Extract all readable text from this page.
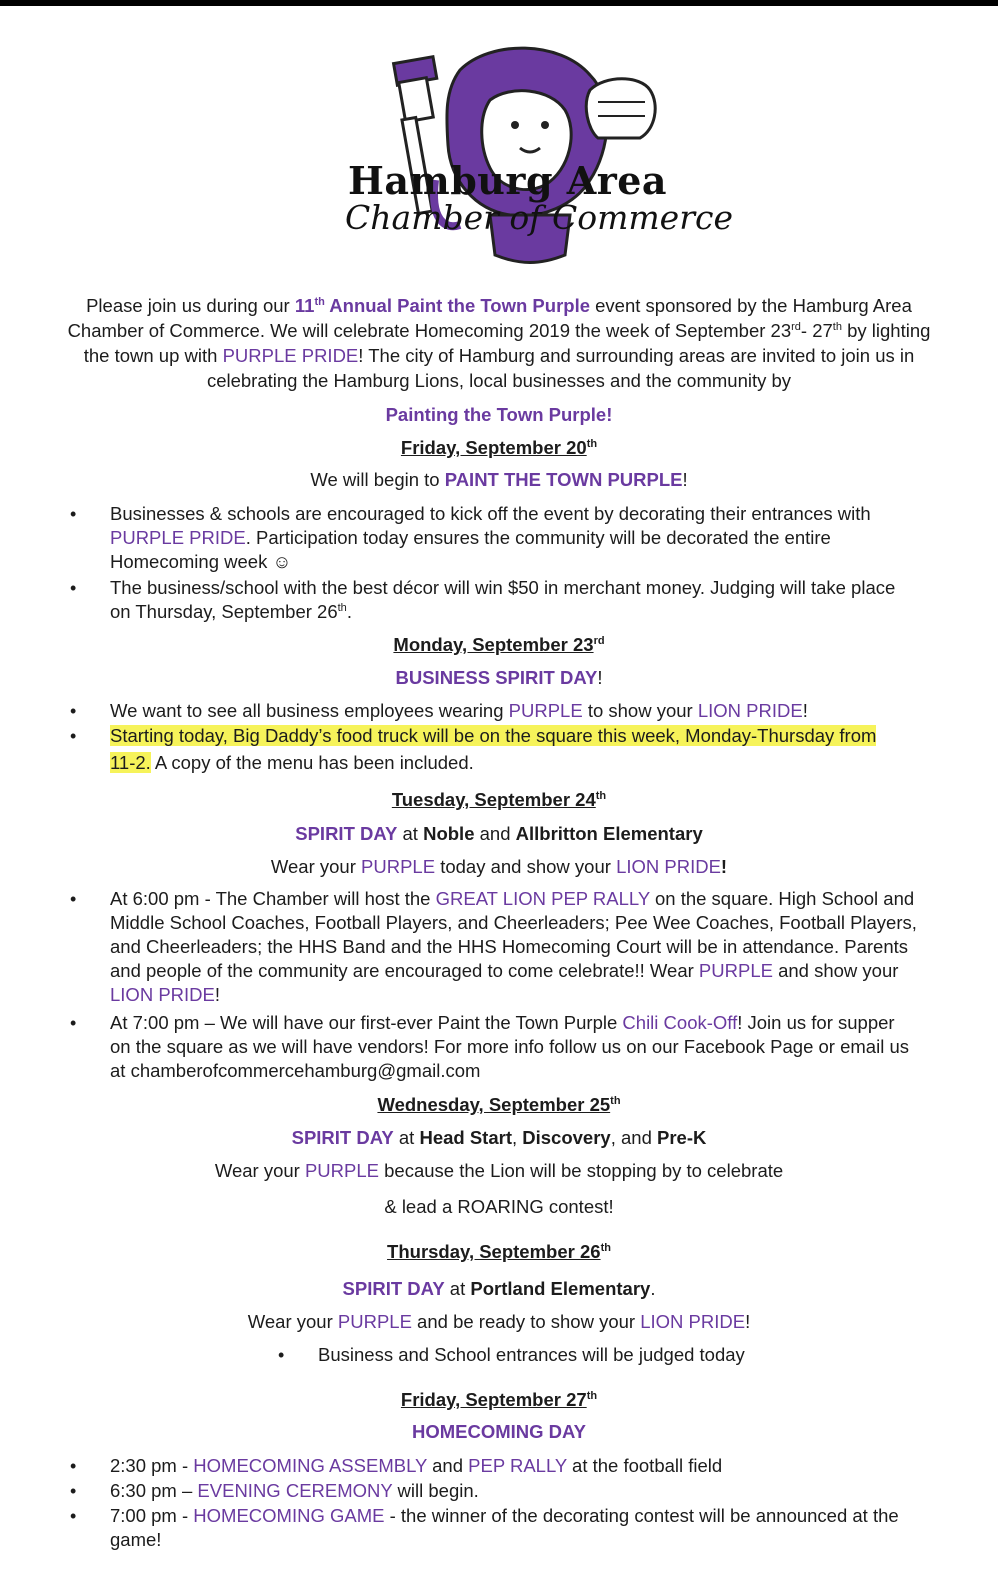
Hamburg Area
Chamber of Commerce
Please join us during our 11th Annual Paint the Town Purple event sponsored by the Hamburg Area
Chamber of Commerce. We will celebrate Homecoming 2019 the week of September 23rd- 27th by lighting
the town up with PURPLE PRIDE! The city of Hamburg and surrounding areas are invited to join us in
celebrating the Hamburg Lions, local businesses and the community by
Painting the Town Purple!
Friday, September 20th
We will begin to PAINT THE TOWN PURPLE!
• Businesses & schools are encouraged to kick off the event by decorating their entrances with
PURPLE PRIDE. Participation today ensures the community will be decorated the entire
Homecoming week ☺
• The business/school with the best décor will win $50 in merchant money. Judging will take place
on Thursday, September 26th.
Monday, September 23rd
BUSINESS SPIRIT DAY!
• We want to see all business employees wearing PURPLE to show your LION PRIDE!
• Starting today, Big Daddy’s food truck will be on the square this week, Monday-Thursday from
11-2. A copy of the menu has been included.
Tuesday, September 24th
SPIRIT DAY at Noble and Allbritton Elementary
Wear your PURPLE today and show your LION PRIDE!
• At 6:00 pm - The Chamber will host the GREAT LION PEP RALLY on the square. High School and
Middle School Coaches, Football Players, and Cheerleaders; Pee Wee Coaches, Football Players,
and Cheerleaders; the HHS Band and the HHS Homecoming Court will be in attendance. Parents
and people of the community are encouraged to come celebrate!! Wear PURPLE and show your
LION PRIDE!
• At 7:00 pm – We will have our first-ever Paint the Town Purple Chili Cook-Off! Join us for supper
on the square as we will have vendors! For more info follow us on our Facebook Page or email us
at chamberofcommercehamburg@gmail.com
Wednesday, September 25th
SPIRIT DAY at Head Start, Discovery, and Pre-K
Wear your PURPLE because the Lion will be stopping by to celebrate
& lead a ROARING contest!
Thursday, September 26th
SPIRIT DAY at Portland Elementary.
Wear your PURPLE and be ready to show your LION PRIDE!
• Business and School entrances will be judged today
Friday, September 27th
HOMECOMING DAY
• 2:30 pm - HOMECOMING ASSEMBLY and PEP RALLY at the football field
• 6:30 pm – EVENING CEREMONY will begin.
• 7:00 pm - HOMECOMING GAME - the winner of the decorating contest will be announced at the
game!
